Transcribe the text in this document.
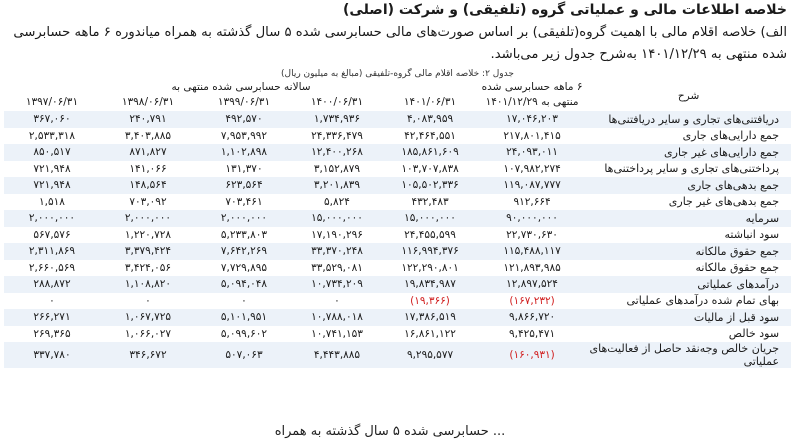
خلاصه اطلاعات مالی و عملیاتی گروه (تلفیقی) و شرکت (اصلی)
الف) خلاصه اقلام مالی با اهمیت گروه(تلفیقی) بر اساس صورت‌های مالی حسابرسی شده ۵ سال گذشته به همراه میاندوره ۶ ماهه حسابرسی شده منتهی به ۱۴۰۱/۱۲/۲۹ به‌شرح جدول زیر می‌باشد.
جدول ۲: خلاصه اقلام مالی گروه-تلفیقی (مبالغ به میلیون ریال)
سالانه حسابرسی شده منتهی به					۶ ماهه حسابرسی شده	شرح
۱۳۹۷/۰۶/۳۱	۱۳۹۸/۰۶/۳۱	۱۳۹۹/۰۶/۳۱	۱۴۰۰/۰۶/۳۱	۱۴۰۱/۰۶/۳۱	منتهی به ۱۴۰۱/۱۲/۲۹	
۳۶۷,۰۶۰	۲۴۰,۷۹۱	۴۹۲,۵۷۰	۱,۷۳۴,۹۳۶	۴,۰۸۳,۹۵۹	۱۷,۰۴۶,۲۰۳	دریافتنی‌های تجاری و سایر دریافتنی‌ها
۲,۵۳۳,۳۱۸	۳,۴۰۳,۸۸۵	۷,۹۵۳,۹۹۲	۲۴,۳۳۶,۴۷۹	۴۲,۴۶۴,۵۵۱	۲۱۷,۸۰۱,۴۱۵	جمع دارایی‌های جاری
۸۵۰,۵۱۷	۸۷۱,۸۲۷	۱,۱۰۲,۸۹۸	۱۲,۴۰۰,۲۶۸	۱۸۵,۸۶۱,۶۰۹	۲۴,۰۹۳,۰۱۱	جمع دارایی‌های غیر جاری
۷۲۱,۹۴۸	۱۴۱,۰۶۶	۱۳۱,۳۷۰	۳,۱۵۲,۸۷۹	۱۰۳,۷۰۷,۸۳۸	۱۰۷,۹۸۲,۲۷۴	پرداختنی‌های تجاری و سایر پرداختنی‌ها
۷۲۱,۹۴۸	۱۴۸,۵۶۴	۶۲۳,۵۶۴	۳,۲۰۱,۸۳۹	۱۰۵,۵۰۲,۳۳۶	۱۱۹,۰۸۷,۷۷۷	جمع بدهی‌های جاری
۱,۵۱۸	۷۰۳,۰۹۲	۷۰۳,۴۶۱	۵,۸۲۴	۴۳۲,۴۸۳	۹۱۲,۶۶۴	جمع بدهی‌های غیر جاری
۲,۰۰۰,۰۰۰	۲,۰۰۰,۰۰۰	۲,۰۰۰,۰۰۰	۱۵,۰۰۰,۰۰۰	۱۵,۰۰۰,۰۰۰	۹۰,۰۰۰,۰۰۰	سرمایه
۵۶۷,۵۷۶	۱,۲۲۰,۷۲۸	۵,۲۳۳,۸۰۳	۱۷,۱۹۰,۲۹۶	۲۴,۴۵۵,۵۹۹	۲۲,۷۳۰,۶۳۰	سود انباشته
۲,۳۱۱,۸۶۹	۳,۳۷۹,۴۲۴	۷,۶۴۲,۲۶۹	۳۳,۳۷۰,۲۴۸	۱۱۶,۹۹۴,۳۷۶	۱۱۵,۴۸۸,۱۱۷	جمع حقوق مالکانه
۲,۶۶۰,۵۶۹	۳,۴۲۴,۰۵۶	۷,۷۲۹,۸۹۵	۳۳,۵۲۹,۰۸۱	۱۲۲,۲۹۰,۸۰۱	۱۲۱,۸۹۳,۹۸۵	جمع حقوق مالکانه
۲۸۸,۸۷۲	۱,۱۰۸,۸۲۰	۵,۰۹۴,۰۴۸	۱۰,۷۳۴,۲۰۹	۱۹,۸۳۴,۹۸۷	۱۲,۸۹۷,۵۲۴	درآمدهای عملیاتی
۰	۰	۰	۰	(۱۹,۳۶۶)	(۱۶۷,۲۳۲)	بهای تمام شده درآمدهای عملیاتی
۲۶۶,۲۷۱	۱,۰۶۷,۷۲۵	۵,۱۰۱,۹۵۱	۱۰,۷۸۸,۰۱۸	۱۷,۳۸۶,۵۱۹	۹,۸۶۶,۷۲۰	سود قبل از مالیات
۲۶۹,۳۶۵	۱,۰۶۶,۰۲۷	۵,۰۹۹,۶۰۲	۱۰,۷۴۱,۱۵۳	۱۶,۸۶۱,۱۲۲	۹,۴۲۵,۴۷۱	سود خالص
۳۳۷,۷۸۰	۳۴۶,۶۷۲	۵۰۷,۰۶۳	۴,۴۴۳,۸۸۵	۹,۲۹۵,۵۷۷	(۱۶۰,۹۳۱)	جریان خالص وجه‌نقد حاصل از فعالیت‌های عملیاتی
... حسابرسی شده ۵ سال گذشته به همراه
